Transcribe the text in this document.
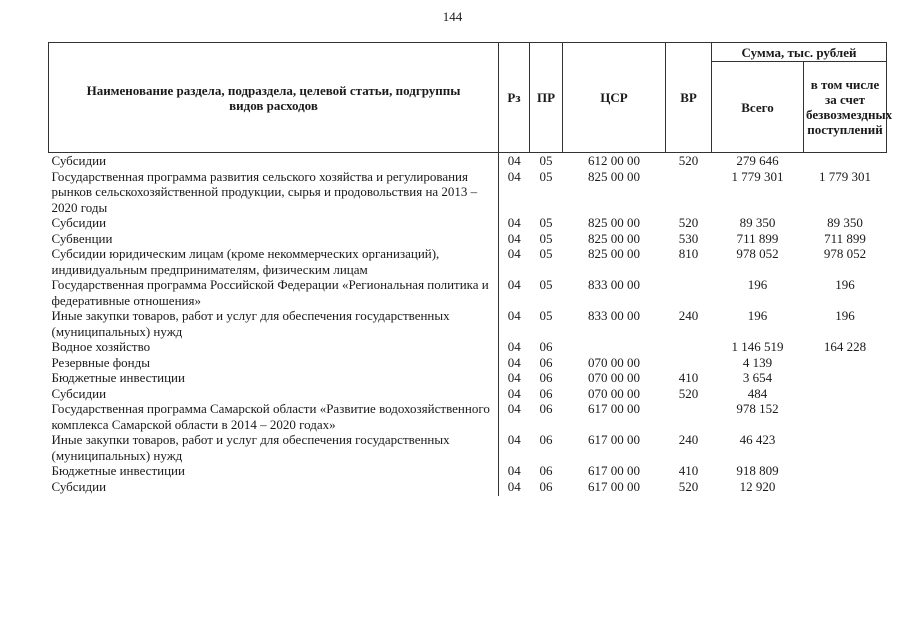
144
Наименование раздела, подраздела, целевой статьи, подгруппы видов расходов	Рз	ПР	ЦСР	ВР	Сумма, тыс. рублей	
					Всего	в том числе за счет безвозмездных поступлений
Субсидии	04	05	612 00 00	520	279 646	
Государственная программа развития сельского хозяйства и регулирования рынков сельскохозяйственной продукции, сырья и продовольствия на 2013 – 2020 годы	04	05	825 00 00		1 779 301	1 779 301
Субсидии	04	05	825 00 00	520	89 350	89 350
Субвенции	04	05	825 00 00	530	711 899	711 899
Субсидии юридическим лицам (кроме некоммерческих организаций), индивидуальным предпринимателям, физическим лицам	04	05	825 00 00	810	978 052	978 052
Государственная программа Российской Федерации «Региональная политика и федеративные отношения»	04	05	833 00 00		196	196
Иные закупки товаров, работ и услуг для обеспечения государственных (муниципальных) нужд	04	05	833 00 00	240	196	196
Водное хозяйство	04	06			1 146 519	164 228
Резервные фонды	04	06	070 00 00		4 139	
Бюджетные инвестиции	04	06	070 00 00	410	3 654	
Субсидии	04	06	070 00 00	520	484	
Государственная программа Самарской области «Развитие водохозяйственного комплекса Самарской области в 2014 – 2020 годах»	04	06	617 00 00		978 152	
Иные закупки товаров, работ и услуг для обеспечения государственных (муниципальных) нужд	04	06	617 00 00	240	46 423	
Бюджетные инвестиции	04	06	617 00 00	410	918 809	
Субсидии	04	06	617 00 00	520	12 920	
